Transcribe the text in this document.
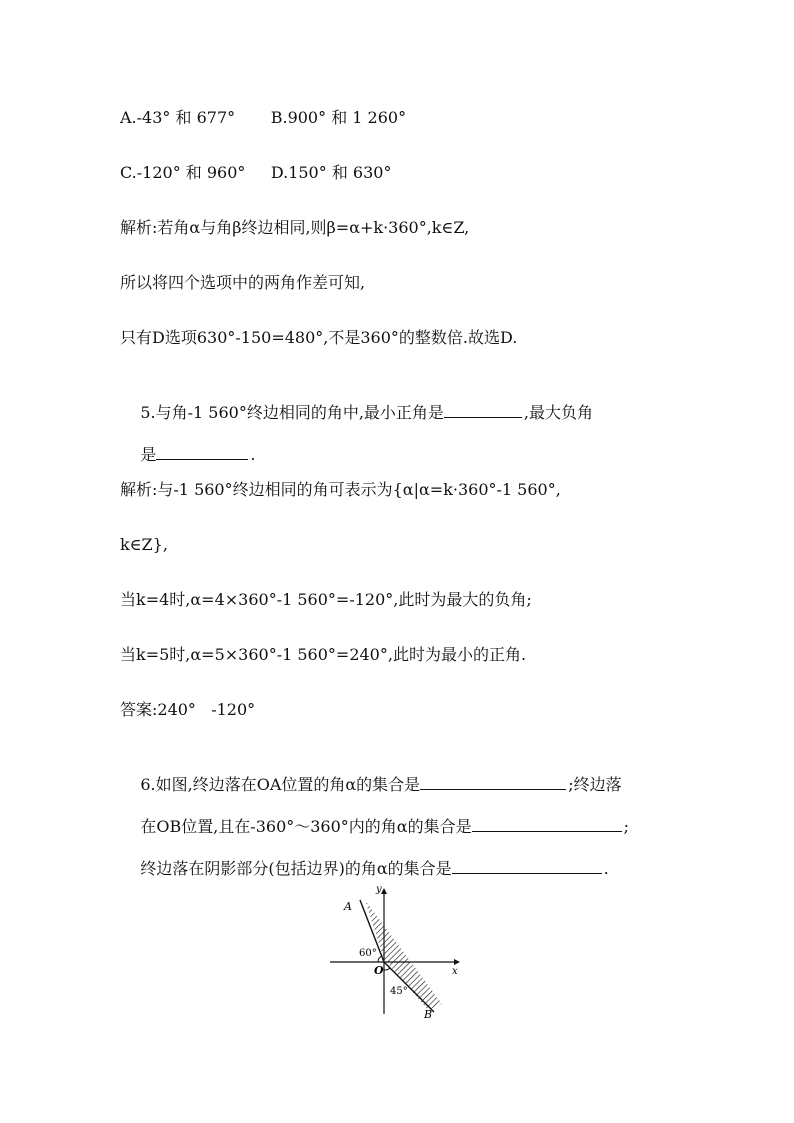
A.-43° 和 677°       B.900° 和 1 260°
C.-120° 和 960°     D.150° 和 630°
解析:若角α与角β终边相同,则β=α+k·360°,k∈Z,
所以将四个选项中的两角作差可知,
只有D选项630°-150=480°,不是360°的整数倍.故选D.

5.与角-1 560°终边相同的角中,最小正角是	,最大负角

是	.

解析:与-1 560°终边相同的角可表示为{α|α=k·360°-1 560°,
k∈Z},
当k=4时,α=4×360°-1 560°=-120°,此时为最大的负角;
当k=5时,α=5×360°-1 560°=240°,此时为最小的正角.
答案:240°   -120°

6.如图,终边落在OA位置的角α的集合是	;终边落

在OB位置,且在-360°～360°内的角α的集合是	;

终边落在阴影部分(包括边界)的角α的集合是	.

y
x
A
B
O
60°
45°
